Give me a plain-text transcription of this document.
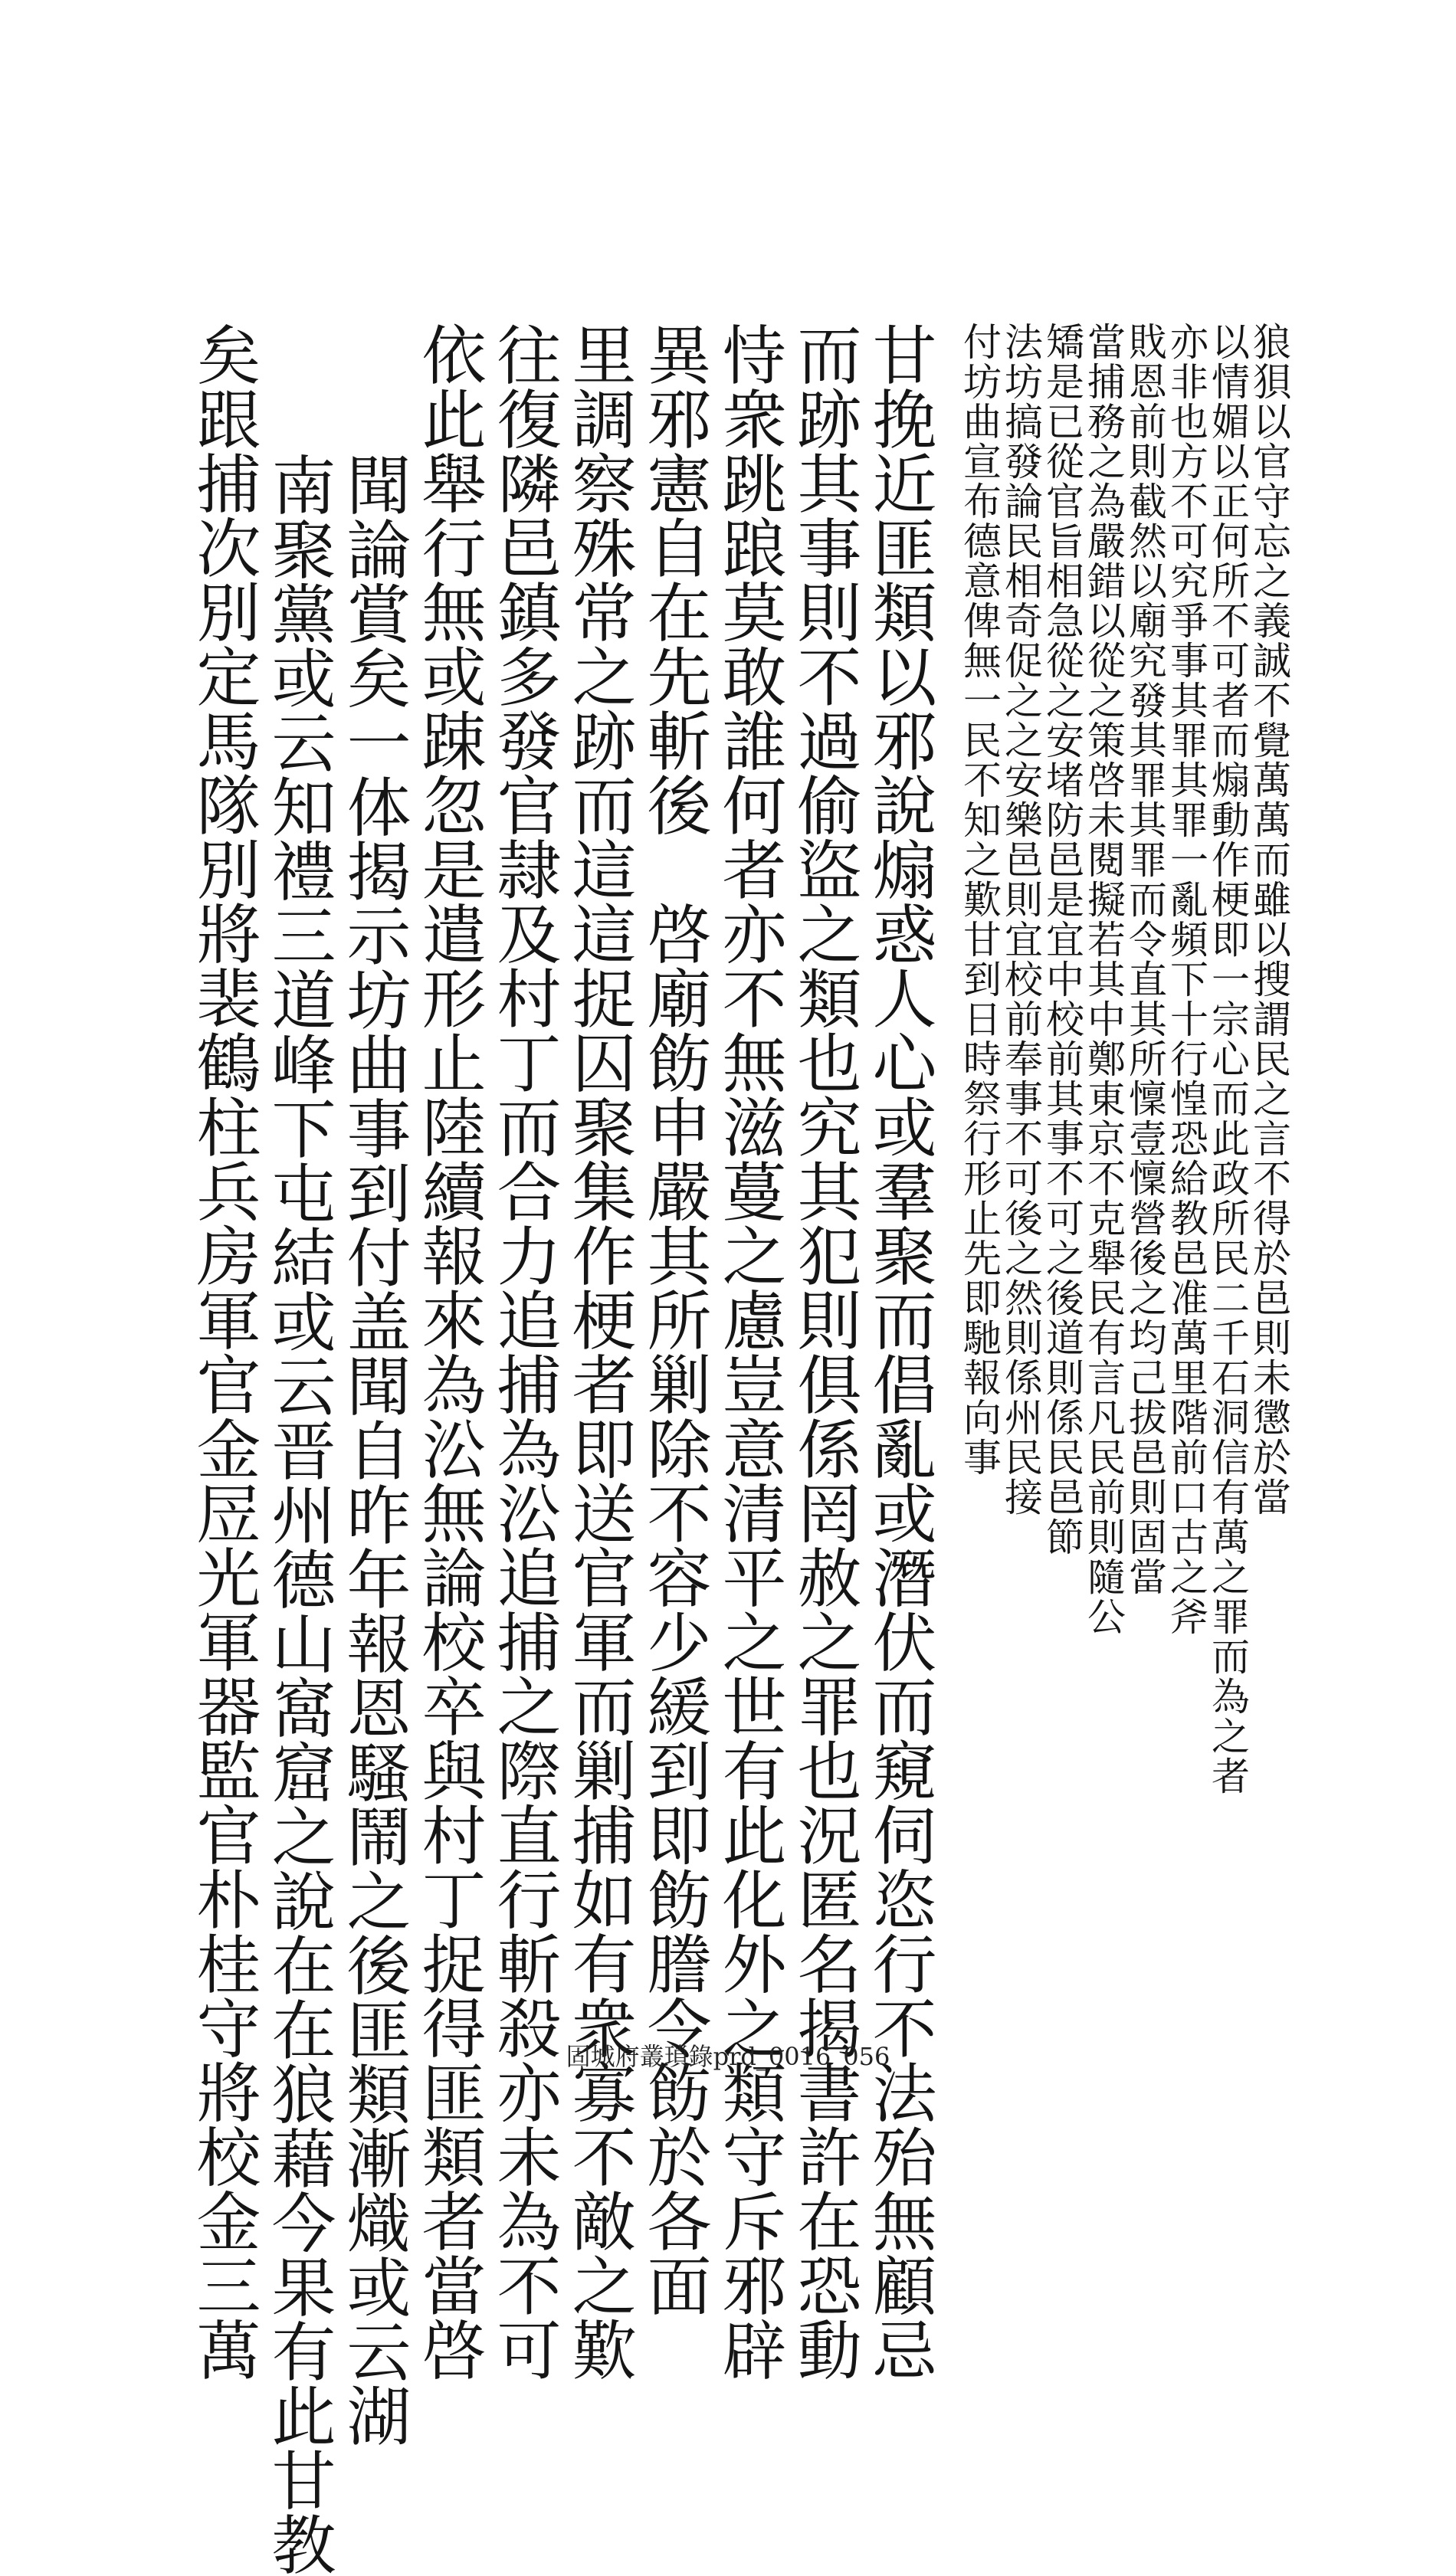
狼狽以官守忘之義誠不覺萬萬而雖以搜謂民之言不得於邑則未懲於當
以情媚以正何所不可者而煽動作梗即一宗心而此政所民二千石洞信有萬之罪而為之者
亦非也方不可究爭事其罪其罪一亂頻下十行惶恐給教邑准萬里階前口古之斧
戝恩前則截然以廟究發其罪其罪而令直其所懍壹懍營後之均己拔邑則固當
當捕務之為嚴錯以從之策啓未閱擬若其中鄭東京不克舉民有言凡民前則隨公
矯是已從官旨相急從之安堵防邑是宜中校前其事不可之後道則係民邑節
法坊搞發論民相奇促之之安樂邑則宜校前奉事不可後之然則係州民接
付坊曲宣布德意俾無一民不知之歎甘到日時祭行形止先即馳報向事
甘挽近匪類以邪說煽惑人心或羣聚而倡亂或潛伏而窺伺恣行不法殆無顧忌
而跡其事則不過偷盜之類也究其犯則俱係罔赦之罪也況匿名揭書許在恐動
恃衆跳踉莫敢誰何者亦不無滋蔓之慮豈意清平之世有此化外之類守斥邪辟
異邪憲自在先斬後　啓廟飭申嚴其所剿除不容少緩到即飭謄令飭於各面
里調察殊常之跡而這這捉囚聚集作梗者即送官軍而剿捕如有衆寡不敵之歎
往復隣邑鎮多發官隷及村丁而合力追捕為㳂追捕之際直行斬殺亦未為不可
依此舉行無或踈忽是遣形止陸續報來為㳂無論校卒與村丁捉得匪類者當啓
聞論賞矣一体揭示坊曲事到付盖聞自昨年報恩騷鬧之後匪類漸熾或云湖
南聚黨或云知禮三道峰下屯結或云晋州德山窩窟之說在在狼藉今果有此甘教
矣跟捕次別定馬隊別將裴鶴柱兵房軍官金㞐光軍器監官朴桂守將校金三萬	固城府叢瑣錄prd_0016_056
